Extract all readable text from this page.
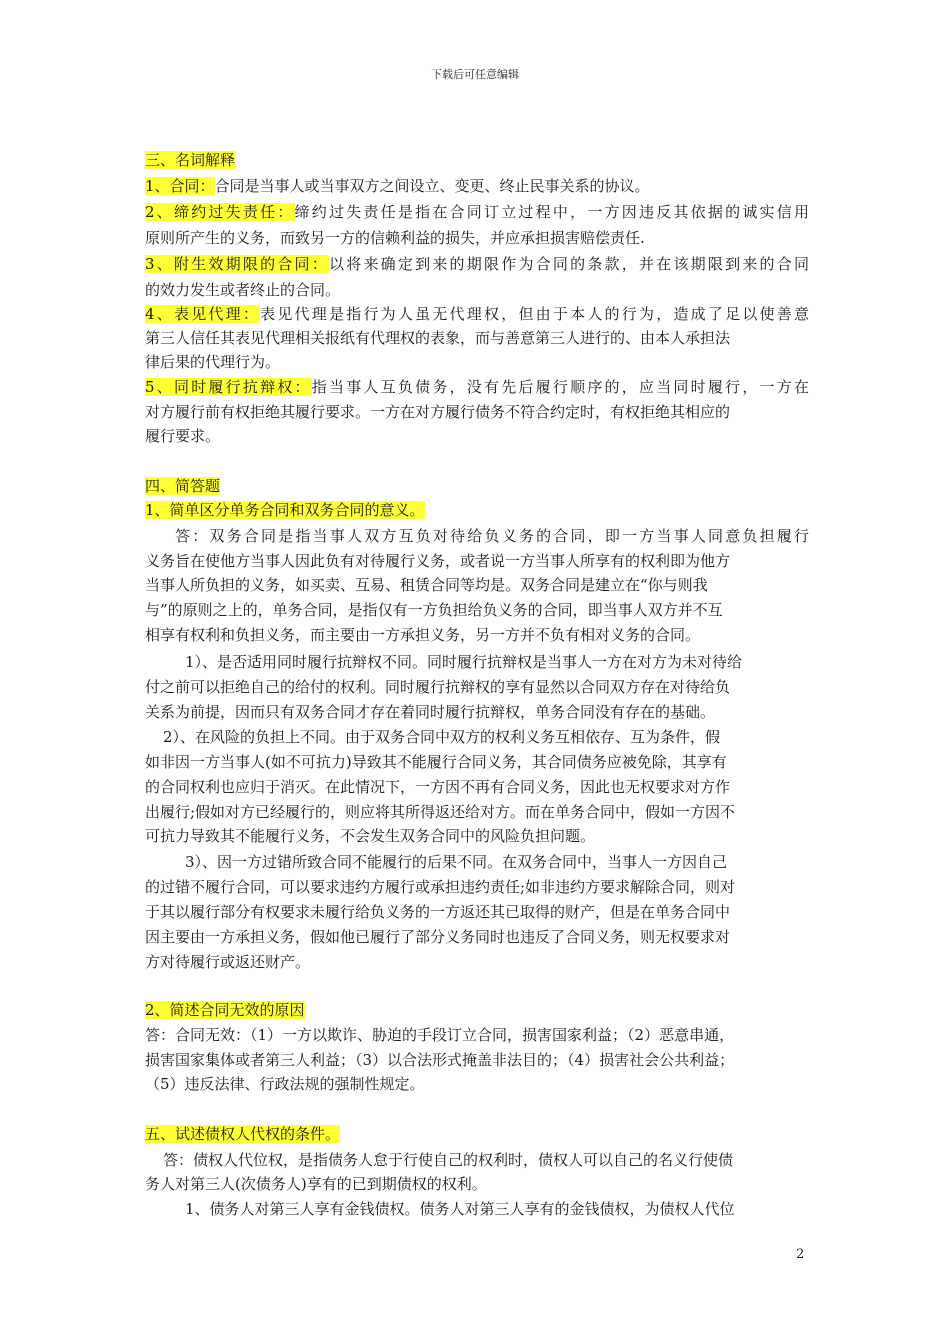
下载后可任意编辑
三、名词解释
1、合同：合同是当事人或当事双方之间设立、变更、终止民事关系的协议。
2、缔约过失责任：缔约过失责任是指在合同订立过程中，一方因违反其依据的诚实信用
原则所产生的义务，而致另一方的信赖利益的损失，并应承担损害赔偿责任.
3、附生效期限的合同：以将来确定到来的期限作为合同的条款，并在该期限到来的合同
的效力发生或者终止的合同。
4、表见代理：表见代理是指行为人虽无代理权，但由于本人的行为，造成了足以使善意
第三人信任其表见代理相关报纸有代理权的表象，而与善意第三人进行的、由本人承担法
律后果的代理行为。
5、同时履行抗辩权：指当事人互负债务，没有先后履行顺序的，应当同时履行，一方在
对方履行前有权拒绝其履行要求。一方在对方履行债务不符合约定时，有权拒绝其相应的
履行要求。
四、简答题
1、简单区分单务合同和双务合同的意义。
答：双务合同是指当事人双方互负对待给负义务的合同，即一方当事人同意负担履行
义务旨在使他方当事人因此负有对待履行义务，或者说一方当事人所享有的权利即为他方
当事人所负担的义务，如买卖、互易、租赁合同等均是。双务合同是建立在“你与则我
与”的原则之上的，单务合同，是指仅有一方负担给负义务的合同，即当事人双方并不互
相享有权利和负担义务，而主要由一方承担义务，另一方并不负有相对义务的合同。
1）、是否适用同时履行抗辩权不同。同时履行抗辩权是当事人一方在对方为未对待给
付之前可以拒绝自己的给付的权利。同时履行抗辩权的享有显然以合同双方存在对待给负
关系为前提，因而只有双务合同才存在着同时履行抗辩权，单务合同没有存在的基础。
2）、在风险的负担上不同。由于双务合同中双方的权利义务互相依存、互为条件，假
如非因一方当事人(如不可抗力)导致其不能履行合同义务，其合同债务应被免除，其享有
的合同权利也应归于消灭。在此情况下，一方因不再有合同义务，因此也无权要求对方作
出履行;假如对方已经履行的，则应将其所得返还给对方。而在单务合同中，假如一方因不
可抗力导致其不能履行义务，不会发生双务合同中的风险负担问题。
3）、因一方过错所致合同不能履行的后果不同。在双务合同中，当事人一方因自己
的过错不履行合同，可以要求违约方履行或承担违约责任;如非违约方要求解除合同，则对
于其以履行部分有权要求未履行给负义务的一方返还其已取得的财产，但是在单务合同中
因主要由一方承担义务，假如他已履行了部分义务同时也违反了合同义务，则无权要求对
方对待履行或返还财产。
2、简述合同无效的原因
答：合同无效：（1）一方以欺诈、胁迫的手段订立合同，损害国家利益；（2）恶意串通，
损害国家集体或者第三人利益；（3）以合法形式掩盖非法目的；（4）损害社会公共利益；
（5）违反法律、行政法规的强制性规定。
五、试述债权人代权的条件。
答：债权人代位权，是指债务人怠于行使自己的权利时，债权人可以自己的名义行使债
务人对第三人(次债务人)享有的已到期债权的权利。
1、债务人对第三人享有金钱债权。债务人对第三人享有的金钱债权，为债权人代位
2
